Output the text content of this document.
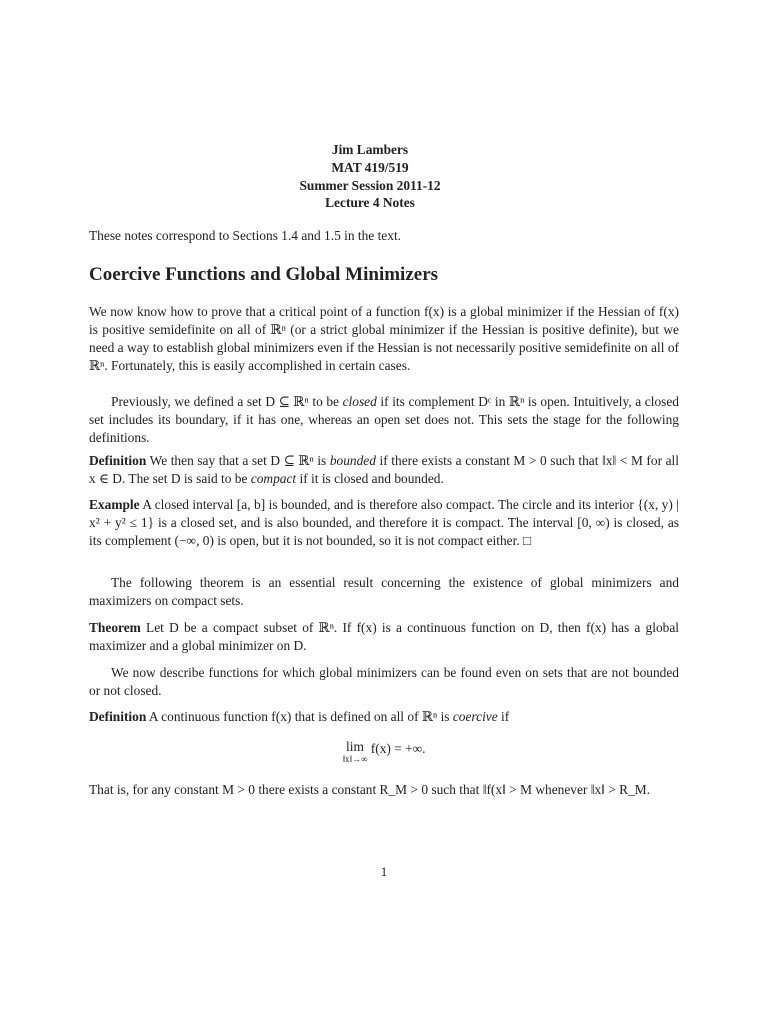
Jim Lambers
MAT 419/519
Summer Session 2011-12
Lecture 4 Notes
These notes correspond to Sections 1.4 and 1.5 in the text.
Coercive Functions and Global Minimizers
We now know how to prove that a critical point of a function f(x) is a global minimizer if the Hessian of f(x) is positive semidefinite on all of ℝⁿ (or a strict global minimizer if the Hessian is positive definite), but we need a way to establish global minimizers even if the Hessian is not necessarily positive semidefinite on all of ℝⁿ. Fortunately, this is easily accomplished in certain cases.
Previously, we defined a set D ⊆ ℝⁿ to be closed if its complement Dᶜ in ℝⁿ is open. Intuitively, a closed set includes its boundary, if it has one, whereas an open set does not. This sets the stage for the following definitions.
Definition We then say that a set D ⊆ ℝⁿ is bounded if there exists a constant M > 0 such that ‖x‖ < M for all x ∈ D. The set D is said to be compact if it is closed and bounded.
Example A closed interval [a, b] is bounded, and is therefore also compact. The circle and its interior {(x, y) | x² + y² ≤ 1} is a closed set, and is also bounded, and therefore it is compact. The interval [0, ∞) is closed, as its complement (−∞, 0) is open, but it is not bounded, so it is not compact either. □
The following theorem is an essential result concerning the existence of global minimizers and maximizers on compact sets.
Theorem Let D be a compact subset of ℝⁿ. If f(x) is a continuous function on D, then f(x) has a global maximizer and a global minimizer on D.
We now describe functions for which global minimizers can be found even on sets that are not bounded or not closed.
Definition A continuous function f(x) that is defined on all of ℝⁿ is coercive if
lim
‖x‖→∞
f(x) = +∞.
That is, for any constant M > 0 there exists a constant R_M > 0 such that ‖f(x‖ > M whenever ‖x‖ > R_M.
1
